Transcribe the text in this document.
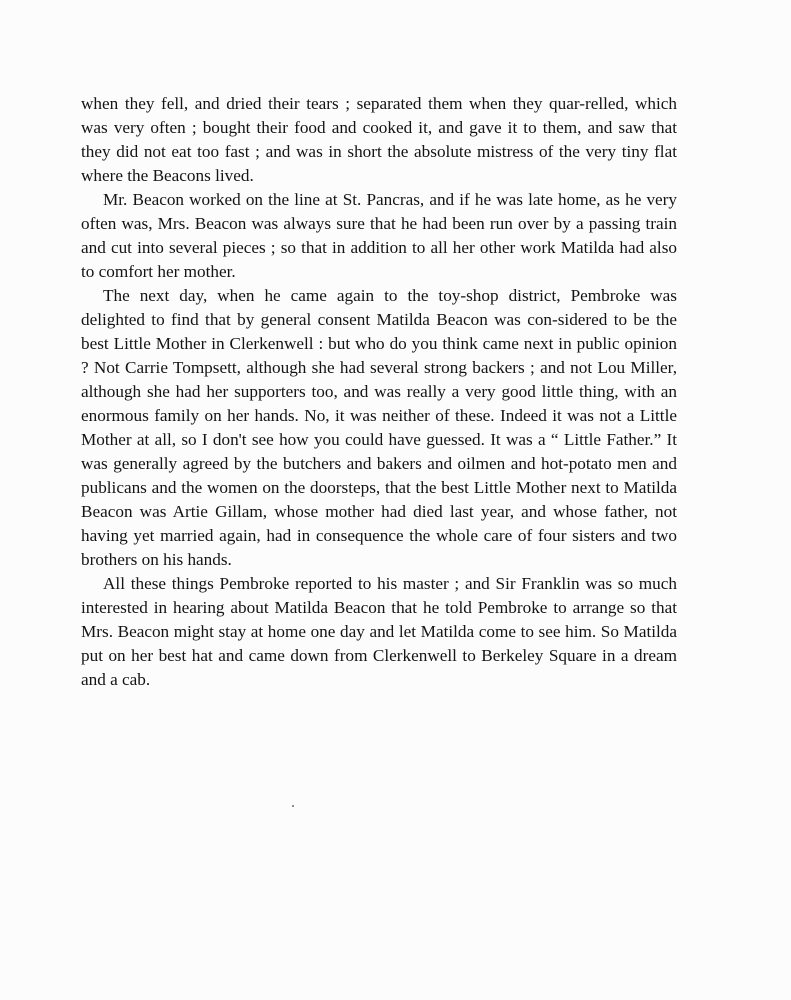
when they fell, and dried their tears ; separated them when they quar-relled, which was very often ; bought their food and cooked it, and gave it to them, and saw that they did not eat too fast ; and was in short the absolute mistress of the very tiny flat where the Beacons lived.

Mr. Beacon worked on the line at St. Pancras, and if he was late home, as he very often was, Mrs. Beacon was always sure that he had been run over by a passing train and cut into several pieces ; so that in addition to all her other work Matilda had also to comfort her mother.

The next day, when he came again to the toy-shop district, Pembroke was delighted to find that by general consent Matilda Beacon was con-sidered to be the best Little Mother in Clerkenwell : but who do you think came next in public opinion ? Not Carrie Tompsett, although she had several strong backers ; and not Lou Miller, although she had her supporters too, and was really a very good little thing, with an enormous family on her hands. No, it was neither of these. Indeed it was not a Little Mother at all, so I don't see how you could have guessed. It was a “ Little Father.” It was generally agreed by the butchers and bakers and oilmen and hot-potato men and publicans and the women on the doorsteps, that the best Little Mother next to Matilda Beacon was Artie Gillam, whose mother had died last year, and whose father, not having yet married again, had in consequence the whole care of four sisters and two brothers on his hands.

All these things Pembroke reported to his master ; and Sir Franklin was so much interested in hearing about Matilda Beacon that he told Pembroke to arrange so that Mrs. Beacon might stay at home one day and let Matilda come to see him. So Matilda put on her best hat and came down from Clerkenwell to Berkeley Square in a dream and a cab.
